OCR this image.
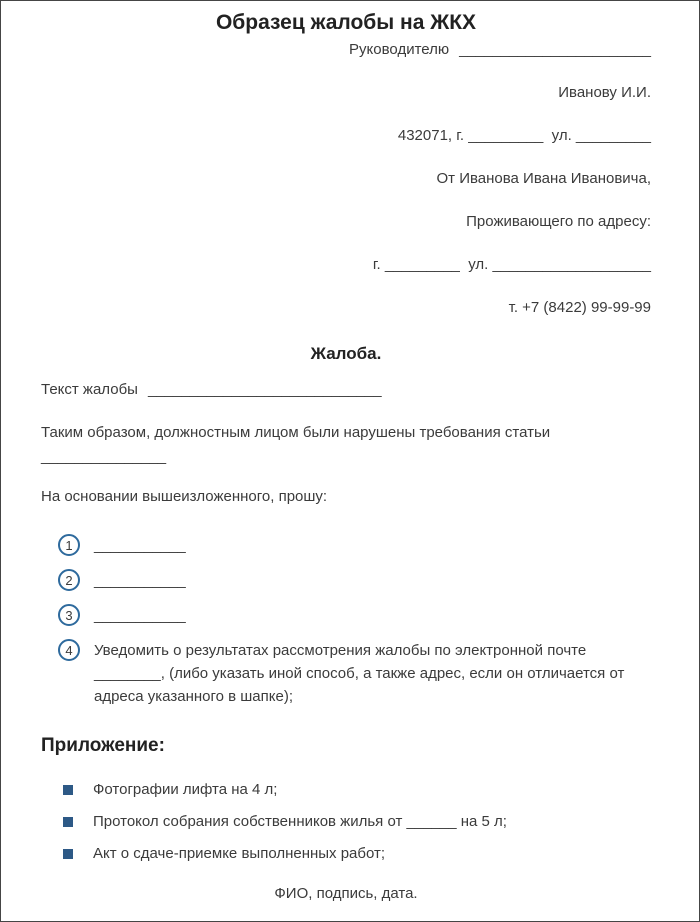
Образец жалобы на ЖКХ

Руководителю _______________________

Иванову И.И.

432071, г. _________  ул. _________

От Иванова Ивана Ивановича,

Проживающего по адресу:

г. _________  ул. ___________________

т. +7 (8422) 99-99-99

Жалоба.

Текст жалобы ____________________________

Таким образом, должностным лицом были нарушены требования статьи
_______________

На основании вышеизложенного, прошу:

1	___________
2	___________
3	___________
4	Уведомить о результатах рассмотрения жалобы по электронной почте ________, (либо указать иной способ, а также адрес, если он отличается от адреса указанного в шапке);
Приложение:
Фотографии лифта на 4 л;
Протокол собрания собственников жилья от ______ на 5 л;
Акт о сдаче-приемке выполненных работ;

ФИО, подпись, дата.
